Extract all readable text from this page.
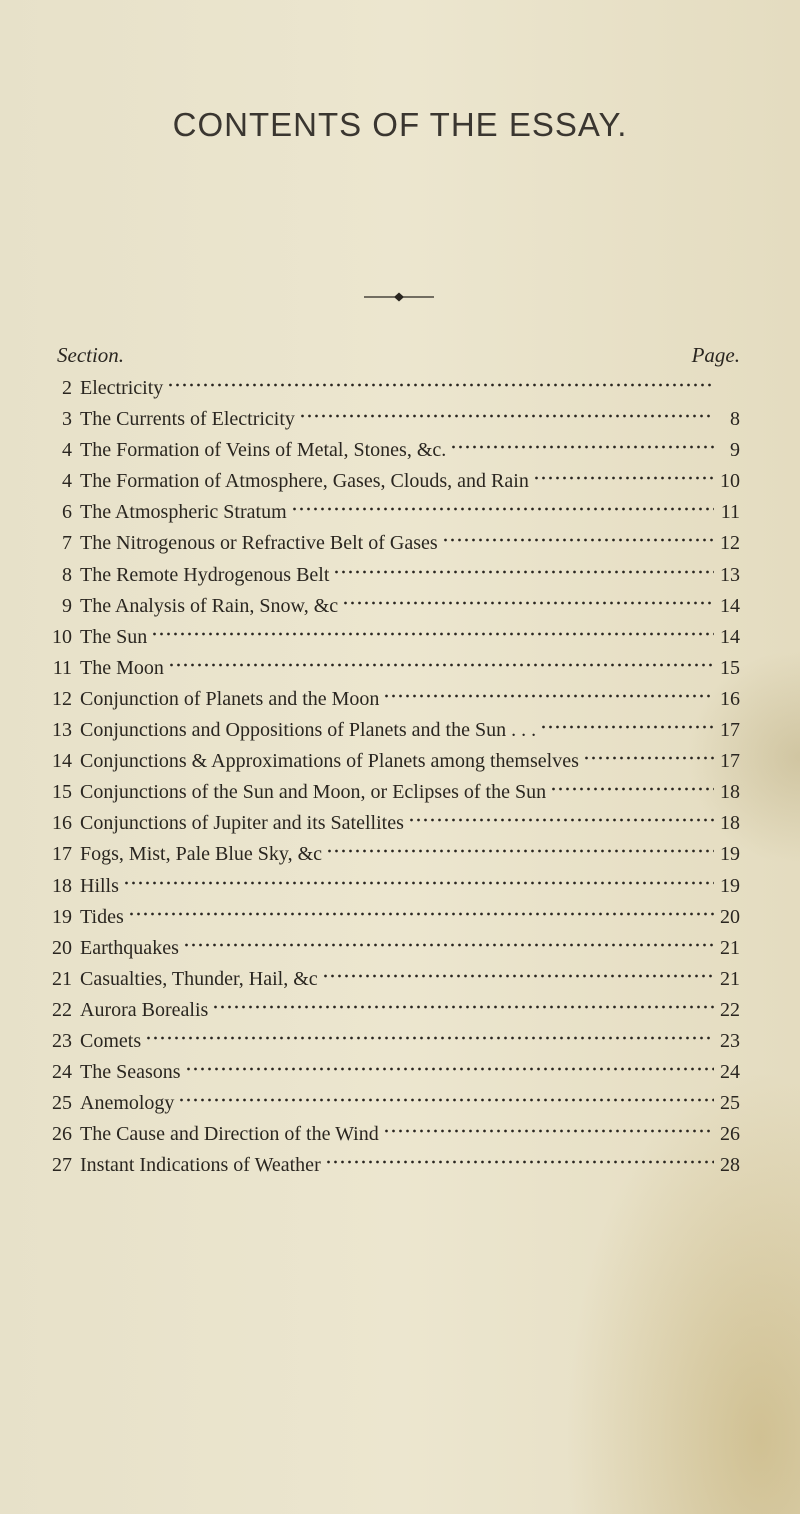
CONTENTS OF THE ESSAY.
Section.	Page.
2 Electricity
3 The Currents of Electricity	8
4 The Formation of Veins of Metal, Stones, &c.	9
4 The Formation of Atmosphere, Gases, Clouds, and Rain	10
6 The Atmospheric Stratum	11
7 The Nitrogenous or Refractive Belt of Gases	12
8 The Remote Hydrogenous Belt	13
9 The Analysis of Rain, Snow, &c	14
10 The Sun	14
11 The Moon	15
12 Conjunction of Planets and the Moon	16
13 Conjunctions and Oppositions of Planets and the Sun . . .	17
14 Conjunctions & Approximations of Planets among themselves	17
15 Conjunctions of the Sun and Moon, or Eclipses of the Sun	18
16 Conjunctions of Jupiter and its Satellites	18
17 Fogs, Mist, Pale Blue Sky, &c	19
18 Hills	19
19 Tides	20
20 Earthquakes	21
21 Casualties, Thunder, Hail, &c	21
22 Aurora Borealis	22
23 Comets	23
24 The Seasons	24
25 Anemology	25
26 The Cause and Direction of the Wind	26
27 Instant Indications of Weather	28
